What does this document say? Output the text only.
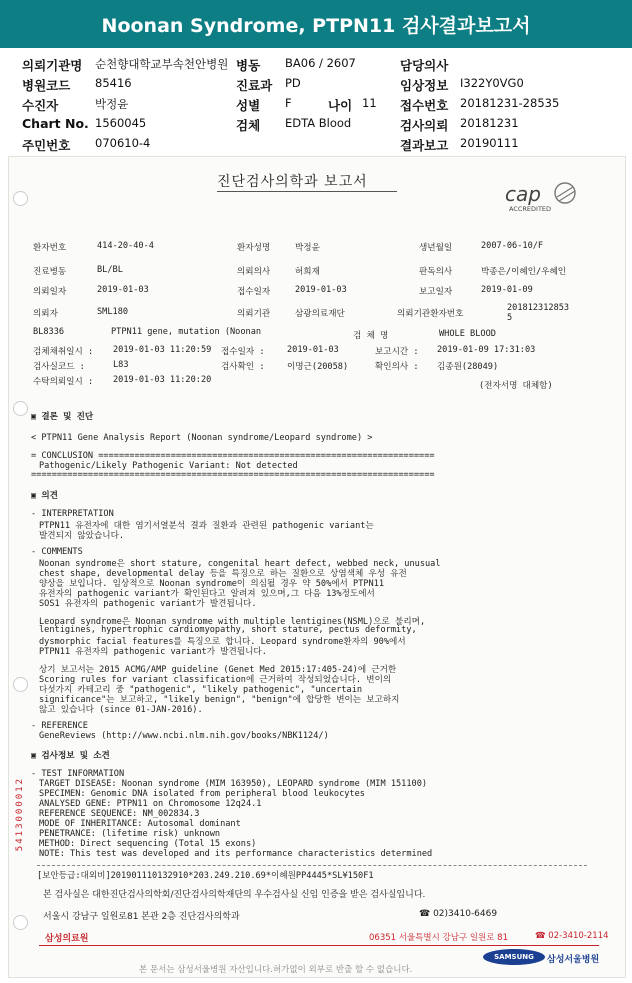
Noonan Syndrome, PTPN11 검사결과보고서
의뢰기관명 순천향대학교부속천안병원 병동 BA06 / 2607	담당의사
병원코드 85416	진료과 PD	임상정보 I322Y0VG0
수진자	박정윤	성별 F	나이 11 접수번호 20181231-28535
Chart No. 1560045	검체 EDTA Blood	검사의뢰 20181231
주민번호 070610-4	결과보고 20190111
진단검사의학과 보고서	cap
ACCREDITED
환자번호	414-20-40-4	환자성명	박정윤	생년월일	2007-06-10/F
진료병동	BL/BL	의뢰의사	허희재	판독의사	박종은/이혜인/우혜인
의뢰일자	2019-01-03	접수일자	2019-01-03	보고일자	2019-01-09
의뢰자	SML180	의뢰기관	삼광의료재단	의뢰기관환자번호
201812312853
5
BL8336	PTPN11 gene, mutation (Noonan	검 체 명	WHOLE BLOOD
검체채취일시 : 2019-01-03 11:20:59 접수일자 :	2019-01-03	보고시간 : 2019-01-09 17:31:03
검사실코드 :	L83	검사확인 :	이명근(20058)	확인의사 : 김종원(28049)
수탁의뢰일시 : 2019-01-03 11:20:20
(전자서명 대체함)
▣ 결론 및 진단
< PTPN11 Gene Analysis Report (Noonan syndrome/Leopard syndrome) >
= CONCLUSION =================================================================
Pathogenic/Likely Pathogenic Variant: Not detected
==============================================================================
▣ 의견
- INTERPRETATION
PTPN11 유전자에 대한 염기서열분석 결과 질환과 관련된 pathogenic variant는
발견되지 않았습니다.
- COMMENTS
Noonan syndrome은 short stature, congenital heart defect, webbed neck, unusual
chest shape, developmental delay 등을 특징으로 하는 질환으로 상염색체 우성 유전
양상을 보입니다. 임상적으로 Noonan syndrome이 의심될 경우 약 50%에서 PTPN11
유전자의 pathogenic variant가 확인된다고 알려져 있으며,그 다음 13%정도에서
SOS1 유전자의 pathogenic variant가 발견됩니다.
Leopard syndrome은 Noonan syndrome with multiple lentigines(NSML)으로 불리며,
lentigines, hypertrophic cardiomyopathy, short stature, pectus deformity,
dysmorphic facial features를 특징으로 합니다. Leopard syndrome환자의 90%에서
PTPN11 유전자의 pathogenic variant가 발견됩니다.
상기 보고서는 2015 ACMG/AMP guideline (Genet Med 2015:17:405-24)에 근거한
Scoring rules for variant classification에 근거하여 작성되었습니다. 변이의
다섯가지 카테고리 중 "pathogenic", "likely pathogenic", "uncertain
significance"는 보고하고, "likely benign", "benign"에 합당한 변이는 보고하지
않고 있습니다 (since 01-JAN-2016).
- REFERENCE
GeneReviews (http://www.ncbi.nlm.nih.gov/books/NBK1124/)
▣ 검사정보 및 소견
- TEST INFORMATION
TARGET DISEASE: Noonan syndrome (MIM 163950), LEOPARD syndrome (MIM 151100)
SPECIMEN: Genomic DNA isolated from peripheral blood leukocytes
ANALYSED GENE: PTPN11 on Chromosome 12q24.1
REFERENCE SEQUENCE: NM_002834.3
MODE OF INHERITANCE: Autosomal dominant
PENETRANCE: (lifetime risk) unknown
METHOD: Direct sequencing (Total 15 exons)
NOTE: This test was developed and its performance characteristics determined
5413000012
[보안등급:대외비]201901110132910*203.249.210.69*이혜원PP4445*SL¥150F1
본 검사실은 대한진단검사의학회/진단검사의학재단의 우수검사실 신임 인증을 받은 검사실입니다.
서울시 강남구 일원로81 본관 2층 진단검사의학과	☎ 02)3410-6469
삼성의료원	06351 서울특별시 강남구 일원로 81	☎ 02-3410-2114
SAMSUNG 삼성서울병원
본 문서는 삼성서울병원 자산입니다.허가없이 외부로 반출 할 수 없습니다.
